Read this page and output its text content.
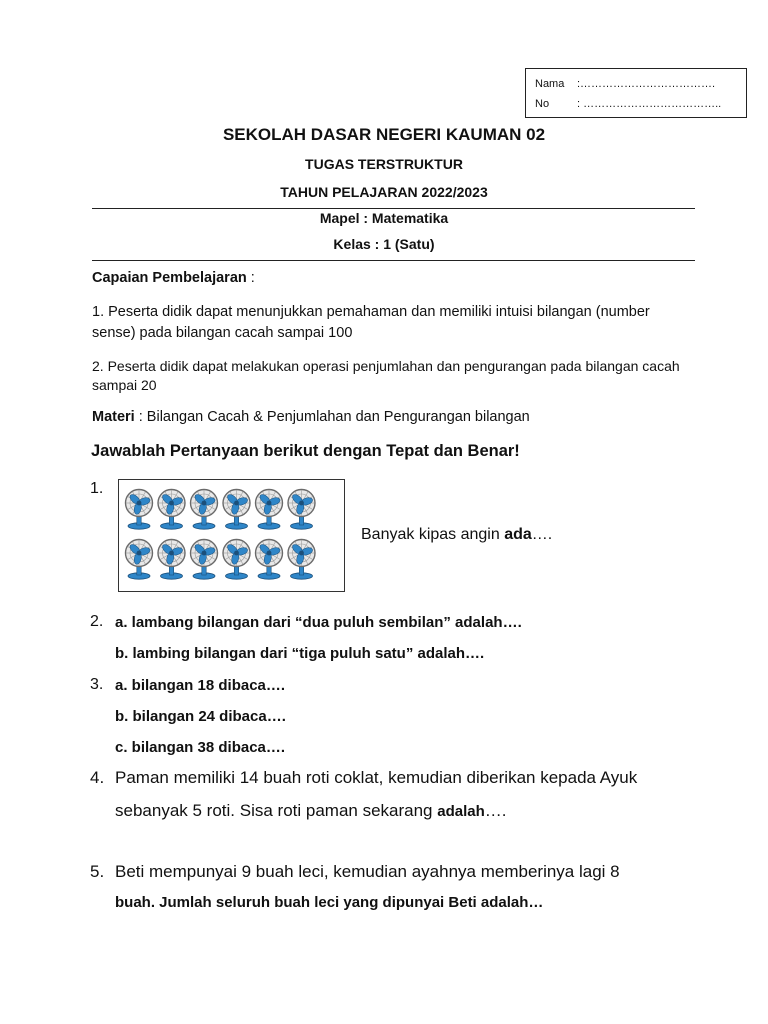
Nama :……………………………….
No	: ………………………………..
SEKOLAH DASAR NEGERI KAUMAN 02
TUGAS TERSTRUKTUR
TAHUN PELAJARAN 2022/2023
Mapel : Matematika
Kelas : 1 (Satu)
Capaian Pembelajaran :
1. Peserta didik dapat menunjukkan pemahaman dan memiliki intuisi bilangan (number
sense) pada bilangan cacah sampai 100
2. Peserta didik dapat melakukan operasi penjumlahan dan pengurangan pada bilangan cacah
sampai 20
Materi : Bilangan Cacah & Penjumlahan dan Pengurangan bilangan
Jawablah Pertanyaan berikut dengan Tepat dan Benar!
1.
Banyak kipas angin ada….
2. a. lambang bilangan dari “dua puluh sembilan” adalah….
b. lambing bilangan dari “tiga puluh satu” adalah….
3. a. bilangan 18 dibaca….
b. bilangan 24 dibaca….
c. bilangan 38 dibaca….
4. Paman memiliki 14 buah roti coklat, kemudian diberikan kepada Ayuk
sebanyak 5 roti. Sisa roti paman sekarang adalah….
5. Beti mempunyai 9 buah leci, kemudian ayahnya memberinya lagi 8
buah. Jumlah seluruh buah leci yang dipunyai Beti adalah…
